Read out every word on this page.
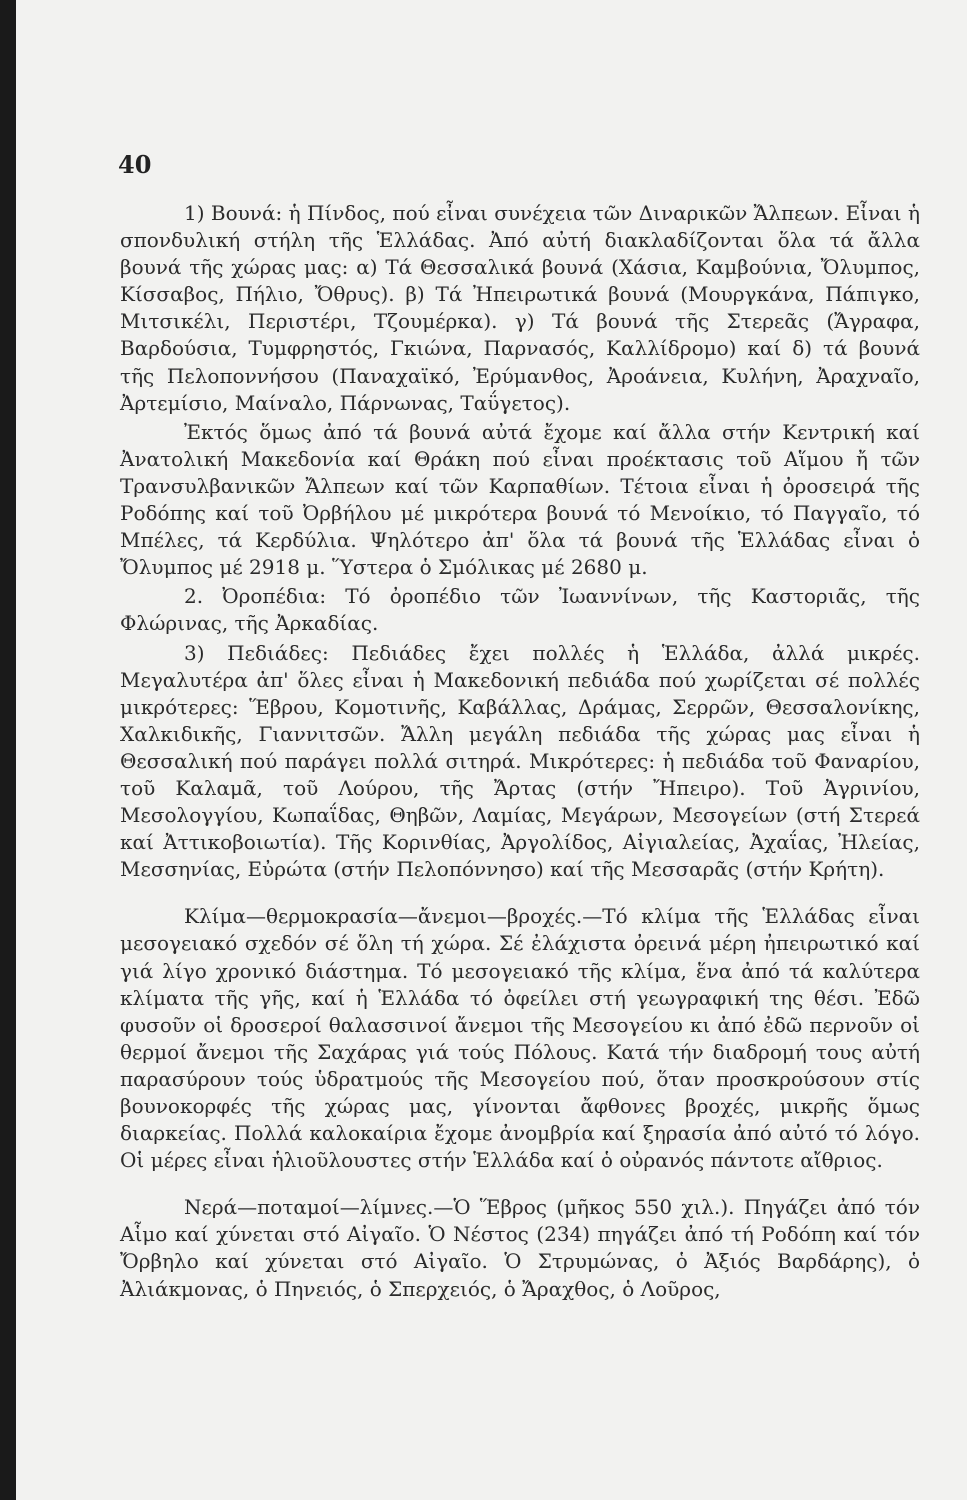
40

1) Βουνά: ἡ Πίνδος, πού εἶναι συνέχεια τῶν Διναρικῶν Ἄλπεων. Εἶναι ἡ σπονδυλική στήλη τῆς Ἑλλάδας. Ἀπό αὐτή διακλαδίζονται ὅλα τά ἄλλα βουνά τῆς χώρας μας: α) Τά Θεσσαλικά βουνά (Χάσια, Καμβούνια, Ὄλυμπος, Κίσσαβος, Πήλιο, Ὄθρυς). β) Τά Ἠπειρωτικά βουνά (Μουργκάνα, Πάπιγκο, Μιτσικέλι, Περιστέρι, Τζουμέρκα). γ) Τά βουνά τῆς Στερεᾶς (Ἄγραφα, Βαρδούσια, Τυμφρηστός, Γκιώνα, Παρνασός, Καλλίδρομο) καί δ) τά βουνά τῆς Πελοποννήσου (Παναχαϊκό, Ἐρύμανθος, Ἀροάνεια, Κυλήνη, Ἀραχναῖο, Ἀρτεμίσιο, Μαίναλο, Πάρνωνας, Ταΰγετος).

Ἐκτός ὅμως ἀπό τά βουνά αὐτά ἔχομε καί ἄλλα στήν Κεντρική καί Ἀνατολική Μακεδονία καί Θράκη πού εἶναι προέκτασις τοῦ Αἵμου ἤ τῶν Τρανσυλβανικῶν Ἄλπεων καί τῶν Καρπαθίων. Τέτοια εἶναι ἡ ὀροσειρά τῆς Ροδόπης καί τοῦ Ὀρβήλου μέ μικρότερα βουνά τό Μενοίκιο, τό Παγγαῖο, τό Μπέλες, τά Κερδύλια. Ψηλότερο ἀπ' ὅλα τά βουνά τῆς Ἑλλάδας εἶναι ὁ Ὄλυμπος μέ 2918 μ. Ὕστερα ὁ Σμόλικας μέ 2680 μ.

2. Ὀροπέδια: Τό ὀροπέδιο τῶν Ἰωαννίνων, τῆς Καστοριᾶς, τῆς Φλώρινας, τῆς Ἀρκαδίας.

3) Πεδιάδες: Πεδιάδες ἔχει πολλές ἡ Ἑλλάδα, ἀλλά μικρές. Μεγαλυτέρα ἀπ' ὅλες εἶναι ἡ Μακεδονική πεδιάδα πού χωρίζεται σέ πολλές μικρότερες: Ἕβρου, Κομοτινῆς, Καβάλλας, Δράμας, Σερρῶν, Θεσσαλονίκης, Χαλκιδικῆς, Γιαννιτσῶν. Ἄλλη μεγάλη πεδιάδα τῆς χώρας μας εἶναι ἡ Θεσσαλική πού παράγει πολλά σιτηρά. Μικρότερες: ἡ πεδιάδα τοῦ Φαναρίου, τοῦ Καλαμᾶ, τοῦ Λούρου, τῆς Ἄρτας (στήν Ἤπειρο). Τοῦ Ἀγρινίου, Μεσολογγίου, Κωπαΐδας, Θηβῶν, Λαμίας, Μεγάρων, Μεσογείων (στή Στερεά καί Ἀττικοβοιωτία). Τῆς Κορινθίας, Ἀργολίδος, Αἰγιαλείας, Ἀχαΐας, Ἠλείας, Μεσσηνίας, Εὐρώτα (στήν Πελοπόννησο) καί τῆς Μεσσαρᾶς (στήν Κρήτη).

Κλίμα—θερμοκρασία—ἄνεμοι—βροχές.—Τό κλίμα τῆς Ἑλλάδας εἶναι μεσογειακό σχεδόν σέ ὅλη τή χώρα. Σέ ἐλάχιστα ὀρεινά μέρη ἠπειρωτικό καί γιά λίγο χρονικό διάστημα. Τό μεσογειακό τῆς κλίμα, ἕνα ἀπό τά καλύτερα κλίματα τῆς γῆς, καί ἡ Ἑλλάδα τό ὀφείλει στή γεωγραφική της θέσι. Ἐδῶ φυσοῦν οἱ δροσεροί θαλασσινοί ἄνεμοι τῆς Μεσογείου κι ἀπό ἐδῶ περνοῦν οἱ θερμοί ἄνεμοι τῆς Σαχάρας γιά τούς Πόλους. Κατά τήν διαδρομή τους αὐτή παρασύρουν τούς ὑδρατμούς τῆς Μεσογείου πού, ὅταν προσκρούσουν στίς βουνοκορφές τῆς χώρας μας, γίνονται ἄφθονες βροχές, μικρῆς ὅμως διαρκείας. Πολλά καλοκαίρια ἔχομε ἀνομβρία καί ξηρασία ἀπό αὐτό τό λόγο. Οἱ μέρες εἶναι ἡλιοῦλουστες στήν Ἑλλάδα καί ὁ οὐρανός πάντοτε αἴθριος.

Νερά—ποταμοί—λίμνες.—Ὁ Ἕβρος (μῆκος 550 χιλ.). Πηγάζει ἀπό τόν Αἷμο καί χύνεται στό Αἰγαῖο. Ὁ Νέστος (234) πηγάζει ἀπό τή Ροδόπη καί τόν Ὄρβηλο καί χύνεται στό Αἰγαῖο. Ὁ Στρυμώνας, ὁ Ἀξιός Βαρδάρης), ὁ Ἀλιάκμονας, ὁ Πηνειός, ὁ Σπερχειός, ὁ Ἄραχθος, ὁ Λοῦρος,
